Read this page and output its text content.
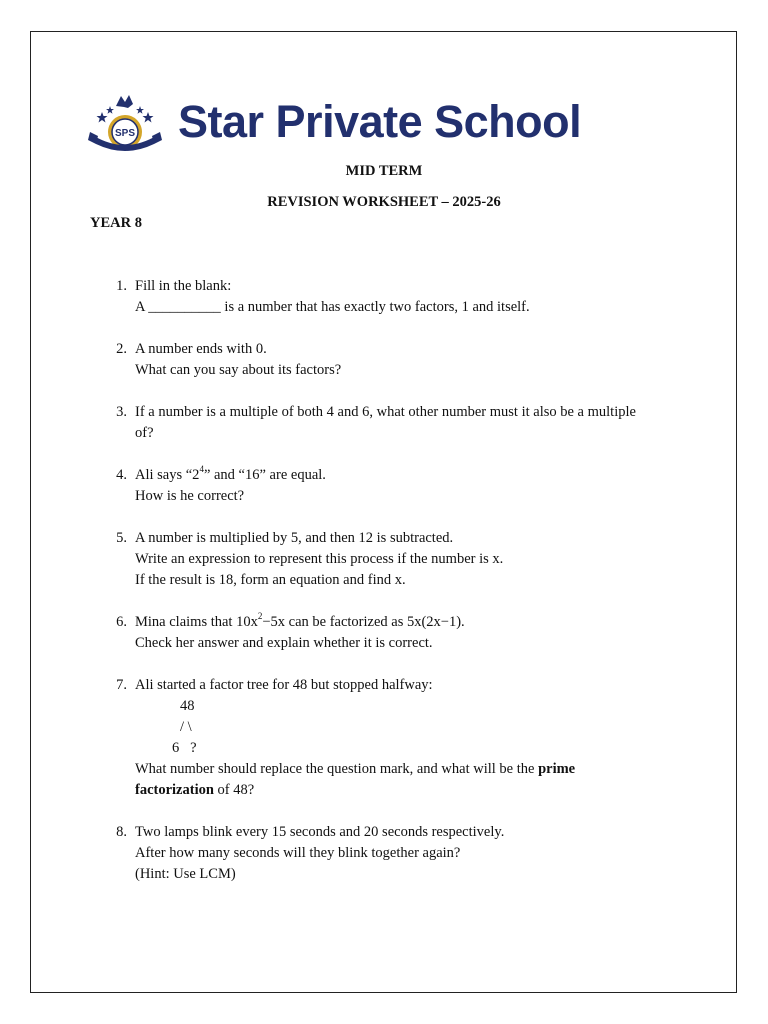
SPS Star Private School
MID TERM
REVISION WORKSHEET – 2025-26
YEAR 8
1. Fill in the blank:
A __________ is a number that has exactly two factors, 1 and itself.
2. A number ends with 0.
What can you say about its factors?
3. If a number is a multiple of both 4 and 6, what other number must it also be a multiple
of?
4. Ali says “$2^4$” and “16” are equal.
How is he correct?
5. A number is multiplied by 5, and then 12 is subtracted.
Write an expression to represent this process if the number is x.
If the result is 18, form an equation and find x.
6. Mina claims that $10x^2-5x$ can be factorized as 5x(2x−1).
Check her answer and explain whether it is correct.
7. Ali started a factor tree for 48 but stopped halfway:
48
/ \
6   ?
What number should replace the question mark, and what will be the prime
factorization of 48?
8. Two lamps blink every 15 seconds and 20 seconds respectively.
After how many seconds will they blink together again?
(Hint: Use LCM)
